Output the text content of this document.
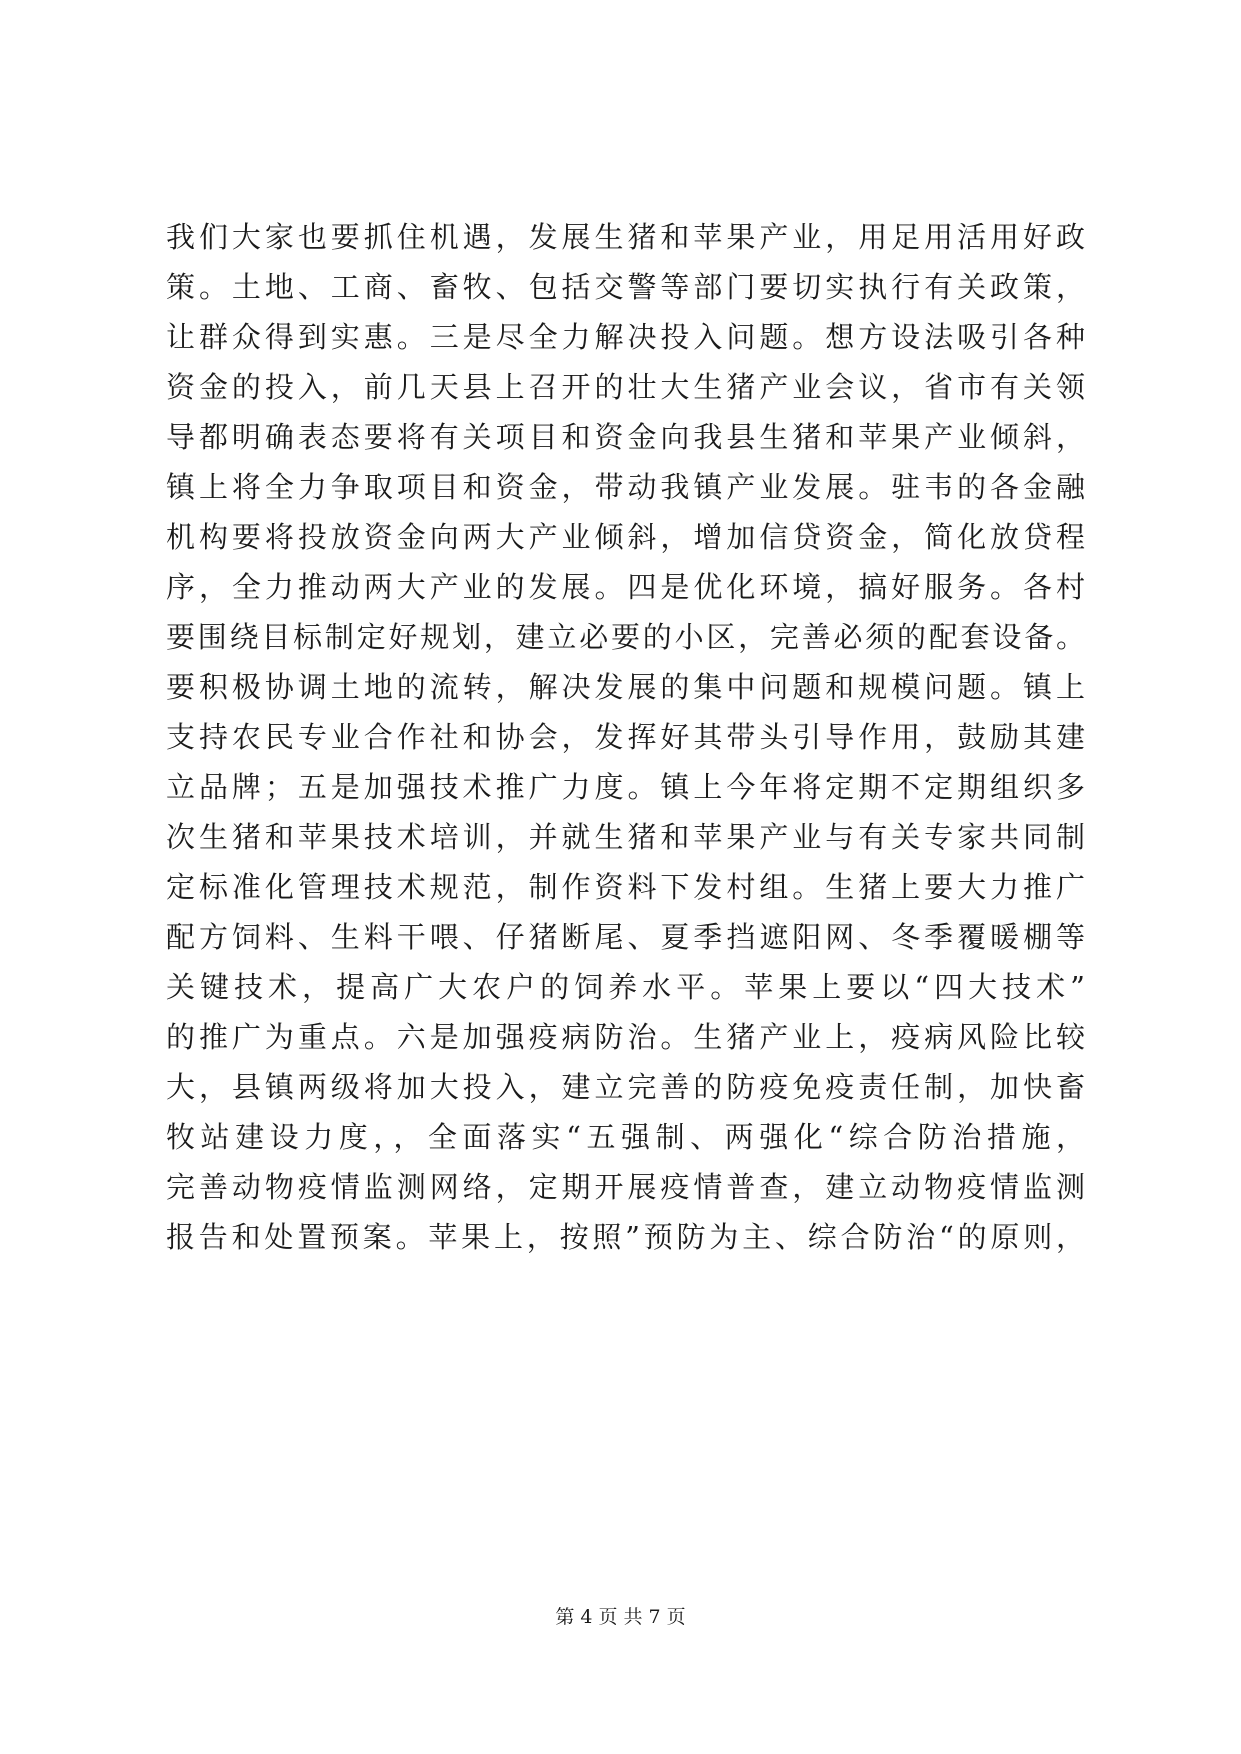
我们大家也要抓住机遇，发展生猪和苹果产业，用足用活用好政
策。土地、工商、畜牧、包括交警等部门要切实执行有关政策，
让群众得到实惠。三是尽全力解决投入问题。想方设法吸引各种
资金的投入，前几天县上召开的壮大生猪产业会议，省市有关领
导都明确表态要将有关项目和资金向我县生猪和苹果产业倾斜，
镇上将全力争取项目和资金，带动我镇产业发展。驻韦的各金融
机构要将投放资金向两大产业倾斜，增加信贷资金，简化放贷程
序，全力推动两大产业的发展。四是优化环境，搞好服务。各村
要围绕目标制定好规划，建立必要的小区，完善必须的配套设备。
要积极协调土地的流转，解决发展的集中问题和规模问题。镇上
支持农民专业合作社和协会，发挥好其带头引导作用，鼓励其建
立品牌；五是加强技术推广力度。镇上今年将定期不定期组织多
次生猪和苹果技术培训，并就生猪和苹果产业与有关专家共同制
定标准化管理技术规范，制作资料下发村组。生猪上要大力推广
配方饲料、生料干喂、仔猪断尾、夏季挡遮阳网、冬季覆暖棚等
关键技术，提高广大农户的饲养水平。苹果上要以“四大技术”
的推广为重点。六是加强疫病防治。生猪产业上，疫病风险比较
大，县镇两级将加大投入，建立完善的防疫免疫责任制，加快畜
牧站建设力度，，全面落实“五强制、两强化“综合防治措施，
完善动物疫情监测网络，定期开展疫情普查，建立动物疫情监测
报告和处置预案。苹果上，按照”预防为主、综合防治“的原则，
第 4 页 共 7 页
